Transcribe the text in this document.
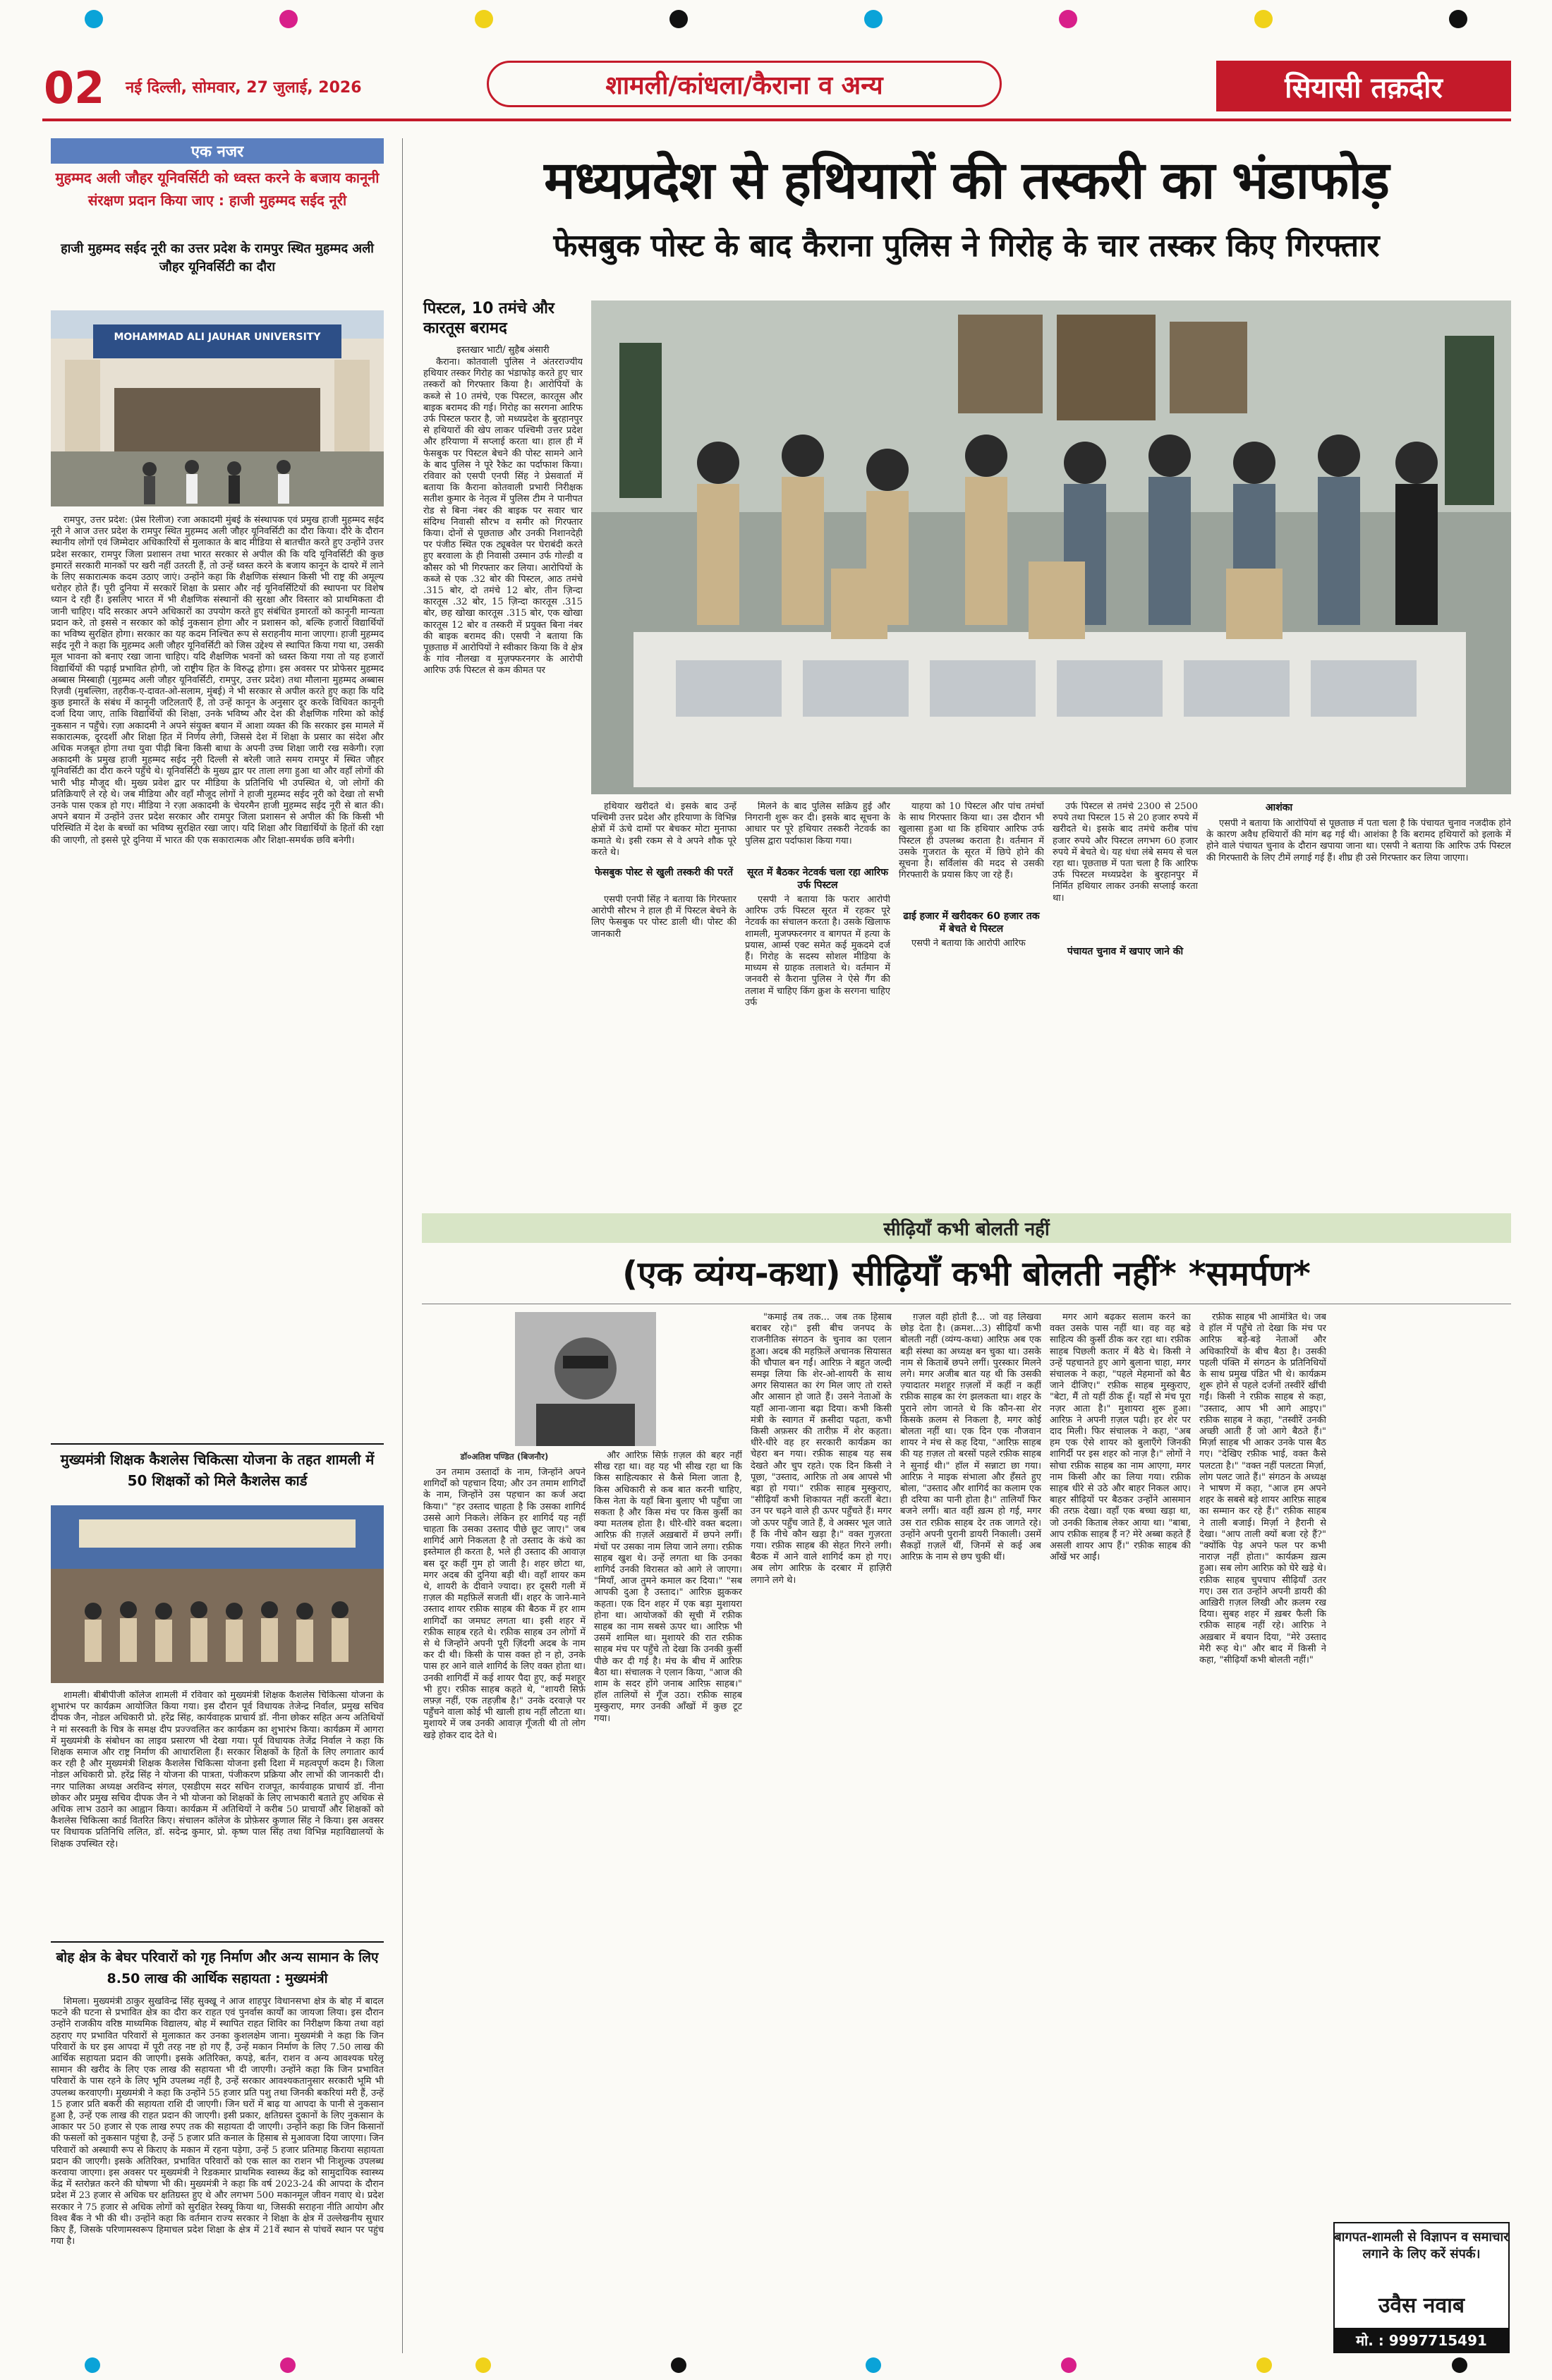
02 नई दिल्ली, सोमवार, 27 जुलाई, 2026	शामली/कांधला/कैराना व अन्य	सियासी तक़दीर
एक नजर
मुहम्मद अली जौहर यूनिवर्सिटी को ध्वस्त करने के बजाय कानूनी संरक्षण प्रदान किया जाए : हाजी मुहम्मद सईद नूरी
हाजी मुहम्मद सईद नूरी का उत्तर प्रदेश के रामपुर स्थित मुहम्मद अली जौहर यूनिवर्सिटी का दौरा
MOHAMMAD ALI JAUHAR UNIVERSITY

रामपुर, उत्तर प्रदेश: (प्रेस रिलीज) रजा अकादमी मुंबई के संस्थापक एवं प्रमुख हाजी मुहम्मद सईद नूरी ने आज उत्तर प्रदेश के रामपुर स्थित मुहम्मद अली जौहर यूनिवर्सिटी का दौरा किया। दौरे के दौरान स्थानीय लोगों एवं जिम्मेदार अधिकारियों से मुलाकात के बाद मीडिया से बातचीत करते हुए उन्होंने उत्तर प्रदेश सरकार, रामपुर जिला प्रशासन तथा भारत सरकार से अपील की कि यदि यूनिवर्सिटी की कुछ इमारतें सरकारी मानकों पर खरी नहीं उतरती हैं, तो उन्हें ध्वस्त करने के बजाय कानून के दायरे में लाने के लिए सकारात्मक कदम उठाए जाएं। उन्होंने कहा कि शैक्षणिक संस्थान किसी भी राष्ट्र की अमूल्य धरोहर होते हैं। पूरी दुनिया में सरकारें शिक्षा के प्रसार और नई यूनिवर्सिटियों की स्थापना पर विशेष ध्यान दे रही हैं। इसलिए भारत में भी शैक्षणिक संस्थानों की सुरक्षा और विस्तार को प्राथमिकता दी जानी चाहिए। यदि सरकार अपने अधिकारों का उपयोग करते हुए संबंधित इमारतों को कानूनी मान्यता प्रदान करे, तो इससे न सरकार को कोई नुकसान होगा और न प्रशासन को, बल्कि हजारों विद्यार्थियों का भविष्य सुरक्षित होगा। सरकार का यह कदम निश्चित रूप से सराहनीय माना जाएगा। हाजी मुहम्मद सईद नूरी ने कहा कि मुहम्मद अली जौहर यूनिवर्सिटी को जिस उद्देश्य से स्थापित किया गया था, उसकी मूल भावना को बनाए रखा जाना चाहिए। यदि शैक्षणिक भवनों को ध्वस्त किया गया तो यह हजारों विद्यार्थियों की पढ़ाई प्रभावित होगी, जो राष्ट्रीय हित के विरुद्ध होगा। इस अवसर पर प्रोफेसर मुहम्मद अब्बास मिस्बाही (मुहम्मद अली जौहर यूनिवर्सिटी, रामपुर, उत्तर प्रदेश) तथा मौलाना मुहम्मद अब्बास रिज़वी (मुबल्लिग़, तहरीक-ए-दावत-ओ-सलाम, मुंबई) ने भी सरकार से अपील करते हुए कहा कि यदि कुछ इमारतें के संबंध में कानूनी जटिलताएँ हैं, तो उन्हें कानून के अनुसार दूर करके विधिवत कानूनी दर्जा दिया जाए, ताकि विद्यार्थियों की शिक्षा, उनके भविष्य और देश की शैक्षणिक गरिमा को कोई नुकसान न पहुँचे। रज़ा अकादमी ने अपने संयुक्त बयान में आशा व्यक्त की कि सरकार इस मामले में सकारात्मक, दूरदर्शी और शिक्षा हित में निर्णय लेगी, जिससे देश में शिक्षा के प्रसार का संदेश और अधिक मजबूत होगा तथा युवा पीढ़ी बिना किसी बाधा के अपनी उच्च शिक्षा जारी रख सकेगी। रज़ा अकादमी के प्रमुख हाजी मुहम्मद सईद नूरी दिल्ली से बरेली जाते समय रामपुर में स्थित जौहर यूनिवर्सिटी का दौरा करने पहुँचे थे। यूनिवर्सिटी के मुख्य द्वार पर ताला लगा हुआ था और वहाँ लोगों की भारी भीड़ मौजूद थी। मुख्य प्रवेश द्वार पर मीडिया के प्रतिनिधि भी उपस्थित थे, जो लोगों की प्रतिक्रियाएँ ले रहे थे। जब मीडिया और वहाँ मौजूद लोगों ने हाजी मुहम्मद सईद नूरी को देखा तो सभी उनके पास एकत्र हो गए। मीडिया ने रज़ा अकादमी के चेयरमैन हाजी मुहम्मद सईद नूरी से बात की। अपने बयान में उन्होंने उत्तर प्रदेश सरकार और रामपुर जिला प्रशासन से अपील की कि किसी भी परिस्थिति में देश के बच्चों का भविष्य सुरक्षित रखा जाए। यदि शिक्षा और विद्यार्थियों के हितों की रक्षा की जाएगी, तो इससे पूरे दुनिया में भारत की एक सकारात्मक और शिक्षा-समर्थक छवि बनेगी।

मुख्यमंत्री शिक्षक कैशलेस चिकित्सा योजना के तहत शामली में 50 शिक्षकों को मिले कैशलेस कार्ड

शामली। बीबीपीजी कॉलेज शामली में रविवार को मुख्यमंत्री शिक्षक कैशलेस चिकित्सा योजना के शुभारंभ पर कार्यक्रम आयोजित किया गया। इस दौरान पूर्व विधायक तेजेन्द्र निर्वाल, प्रमुख सचिव दीपक जैन, नोडल अधिकारी प्रो. हरेंद्र सिंह, कार्यवाहक प्राचार्य डॉ. नीना छोकर सहित अन्य अतिथियों ने मां सरस्वती के चित्र के समक्ष दीप प्रज्ज्वलित कर कार्यक्रम का शुभारंभ किया। कार्यक्रम में आगरा में मुख्यमंत्री के संबोधन का लाइव प्रसारण भी देखा गया। पूर्व विधायक तेजेंद्र निर्वाल ने कहा कि शिक्षक समाज और राष्ट्र निर्माण की आधारशिला हैं। सरकार शिक्षकों के हितों के लिए लगातार कार्य कर रही है और मुख्यमंत्री शिक्षक कैशलेस चिकित्सा योजना इसी दिशा में महत्वपूर्ण कदम है। जिला नोडल अधिकारी प्रो. हरेंद्र सिंह ने योजना की पात्रता, पंजीकरण प्रक्रिया और लाभों की जानकारी दी। नगर पालिका अध्यक्ष अरविन्द संगल, एसडीएम सदर सचिन राजपूत, कार्यवाहक प्राचार्य डॉ. नीना छोकर और प्रमुख सचिव दीपक जैन ने भी योजना को शिक्षकों के लिए लाभकारी बताते हुए अधिक से अधिक लाभ उठाने का आह्वान किया। कार्यक्रम में अतिथियों ने करीब 50 प्राचार्यों और शिक्षकों को कैशलेस चिकित्सा कार्ड वितरित किए। संचालन कॉलेज के प्रोफ़ेसर कुणाल सिंह ने किया। इस अवसर पर विधायक प्रतिनिधि ललित, डॉ. सदेन्द्र कुमार, प्रो. कृष्ण पाल सिंह तथा विभिन्न महाविद्यालयों के शिक्षक उपस्थित रहे।

बोह क्षेत्र के बेघर परिवारों को गृह निर्माण और अन्य सामान के लिए 8.50 लाख की आर्थिक सहायता : मुख्यमंत्री

शिमला। मुख्यमंत्री ठाकुर सुखविन्द्र सिंह सुक्खू ने आज शाहपुर विधानसभा क्षेत्र के बोह में बादल फटने की घटना से प्रभावित क्षेत्र का दौरा कर राहत एवं पुनर्वास कार्यों का जायजा लिया। इस दौरान उन्होंने राजकीय वरिष्ठ माध्यमिक विद्यालय, बोह में स्थापित राहत शिविर का निरीक्षण किया तथा वहां ठहराए गए प्रभावित परिवारों से मुलाकात कर उनका कुशलक्षेम जाना। मुख्यमंत्री ने कहा कि जिन परिवारों के घर इस आपदा में पूरी तरह नष्ट हो गए हैं, उन्हें मकान निर्माण के लिए 7.50 लाख की आर्थिक सहायता प्रदान की जाएगी। इसके अतिरिक्त, कपड़े, बर्तन, राशन व अन्य आवश्यक घरेलू सामान की खरीद के लिए एक लाख की सहायता भी दी जाएगी। उन्होंने कहा कि जिन प्रभावित परिवारों के पास रहने के लिए भूमि उपलब्ध नहीं है, उन्हें सरकार आवश्यकतानुसार सरकारी भूमि भी उपलब्ध करवाएगी। मुख्यमंत्री ने कहा कि उन्होंने 55 हजार प्रति पशु तथा जिनकी बकरियां मरी हैं, उन्हें 15 हजार प्रति बकरी की सहायता राशि दी जाएगी। जिन घरों में बाढ़ या आपदा के पानी से नुकसान हुआ है, उन्हें एक लाख की राहत प्रदान की जाएगी। इसी प्रकार, क्षतिग्रस्त दुकानों के लिए नुकसान के आकार पर 50 हजार से एक लाख रुपए तक की सहायता दी जाएगी। उन्होंने कहा कि जिन किसानों की फसलों को नुकसान पहुंचा है, उन्हें 5 हजार प्रति कनाल के हिसाब से मुआवजा दिया जाएगा। जिन परिवारों को अस्थायी रूप से किराए के मकान में रहना पड़ेगा, उन्हें 5 हजार प्रतिमाह किराया सहायता प्रदान की जाएगी। इसके अतिरिक्त, प्रभावित परिवारों को एक साल का राशन भी निःशुल्क उपलब्ध करवाया जाएगा। इस अवसर पर मुख्यमंत्री ने रिडकमार प्राथमिक स्वास्थ्य केंद्र को सामुदायिक स्वास्थ्य केंद्र में स्तरोन्नत करने की घोषणा भी की। मुख्यमंत्री ने कहा कि वर्ष 2023-24 की आपदा के दौरान प्रदेश में 23 हजार से अधिक घर क्षतिग्रस्त हुए थे और लगभग 500 मकानमूल जीवन गवाए थे। प्रदेश सरकार ने 75 हजार से अधिक लोगों को सुरक्षित रेस्क्यू किया था, जिसकी सराहना नीति आयोग और विश्व बैंक ने भी की थी। उन्होंने कहा कि वर्तमान राज्य सरकार ने शिक्षा के क्षेत्र में उल्लेखनीय सुधार किए हैं, जिसके परिणामस्वरूप हिमाचल प्रदेश शिक्षा के क्षेत्र में 21वें स्थान से पांचवें स्थान पर पहुंच गया है।

मध्यप्रदेश से हथियारों की तस्करी का भंडाफोड़
फेसबुक पोस्ट के बाद कैराना पुलिस ने गिरोह के चार तस्कर किए गिरफ्तार
पिस्टल, 10 तमंचे और कारतूस बरामद
इस्तखार भाटी/ सुहैब अंसारी

कैराना। कोतवाली पुलिस ने अंतरराज्यीय हथियार तस्कर गिरोह का भंडाफोड़ करते हुए चार तस्करों को गिरफ्तार किया है। आरोपियों के कब्जे से 10 तमंचे, एक पिस्टल, कारतूस और बाइक बरामद की गई। गिरोह का सरगना आरिफ उर्फ पिस्टल फरार है, जो मध्यप्रदेश के बुरहानपुर से हथियारों की खेप लाकर पश्चिमी उत्तर प्रदेश और हरियाणा में सप्लाई करता था। हाल ही में फेसबुक पर पिस्टल बेचने की पोस्ट सामने आने के बाद पुलिस ने पूरे रैकेट का पर्दाफाश किया। रविवार को एसपी एनपी सिंह ने प्रेसवार्ता में बताया कि कैराना कोतवाली प्रभारी निरीक्षक सतीश कुमार के नेतृत्व में पुलिस टीम ने पानीपत रोड से बिना नंबर की बाइक पर सवार चार संदिग्ध निवासी सौरभ व समीर को गिरफ्तार किया। दोनों से पूछताछ और उनकी निशानदेही पर पंजीठ स्थित एक ट्यूबवेल पर घेराबंदी करते हुए बरवाला के ही निवासी उस्मान उर्फ गोल्डी व कौसर को भी गिरफ्तार कर लिया। आरोपियों के कब्जे से एक .32 बोर की पिस्टल, आठ तमंचे .315 बोर, दो तमंचे 12 बोर, तीन ज़िन्दा कारतूस .32 बोर, 15 ज़िन्दा कारतूस .315 बोर, छह खोखा कारतूस .315 बोर, एक खोखा कारतूस 12 बोर व तस्करी में प्रयुक्त बिना नंबर की बाइक बरामद की। एसपी ने बताया कि पूछताछ में आरोपियों ने स्वीकार किया कि वे क्षेत्र के गांव नौलखा व मुज़फ्फरनगर के आरोपी आरिफ उर्फ पिस्टल से कम कीमत पर

हथियार खरीदते थे। इसके बाद उन्हें पश्चिमी उत्तर प्रदेश और हरियाणा के विभिन्न क्षेत्रों में ऊंचे दामों पर बेचकर मोटा मुनाफा कमाते थे। इसी रकम से वे अपने शौक पूरे करते थे।

फेसबुक पोस्ट से खुली तस्करी की परतें

एसपी एनपी सिंह ने बताया कि गिरफ्तार आरोपी सौरभ ने हाल ही में पिस्टल बेचने के लिए फेसबुक पर पोस्ट डाली थी। पोस्ट की जानकारी

मिलने के बाद पुलिस सक्रिय हुई और निगरानी शुरू कर दी। इसके बाद सूचना के आधार पर पूरे हथियार तस्करी नेटवर्क का पुलिस द्वारा पर्दाफाश किया गया।

सूरत में बैठकर नेटवर्क चला रहा आरिफ उर्फ पिस्टल

एसपी ने बताया कि फरार आरोपी आरिफ उर्फ पिस्टल सूरत में रहकर पूरे नेटवर्क का संचालन करता है। उसके खिलाफ शामली, मुजफ्फरनगर व बागपत में हत्या के प्रयास, आर्म्स एक्ट समेत कई मुकदमे दर्ज हैं। गिरोह के सदस्य सोशल मीडिया के माध्यम से ग्राहक तलाशते थे। वर्तमान में जनवरी से कैराना पुलिस ने ऐसे गैंग की तलाश में चाहिए किंग क्रुश के सरगना चाहिए उर्फ

याहया को 10 पिस्टल और पांच तमंचों के साथ गिरफ्तार किया था। उस दौरान भी खुलासा हुआ था कि हथियार आरिफ उर्फ पिस्टल ही उपलब्ध कराता है। वर्तमान में उसके गुजरात के सूरत में छिपे होने की सूचना है। सर्विलांस की मदद से उसकी गिरफ्तारी के प्रयास किए जा रहे हैं।

ढाई हजार में खरीदकर 60 हजार तक में बेचते थे पिस्टल

एसपी ने बताया कि आरोपी आरिफ

उर्फ पिस्टल से तमंचे 2300 से 2500 रुपये तथा पिस्टल 15 से 20 हजार रुपये में खरीदते थे। इसके बाद तमंचे करीब पांच हजार रुपये और पिस्टल लगभग 60 हजार रुपये में बेचते थे। यह धंधा लंबे समय से चल रहा था। पूछताछ में पता चला है कि आरिफ उर्फ पिस्टल मध्यप्रदेश के बुरहानपुर में निर्मित हथियार लाकर उनकी सप्लाई करता था।

पंचायत चुनाव में खपाए जाने की
आशंका

एसपी ने बताया कि आरोपियों से पूछताछ में पता चला है कि पंचायत चुनाव नजदीक होने के कारण अवैध हथियारों की मांग बढ़ गई थी। आशंका है कि बरामद हथियारों को इलाके में होने वाले पंचायत चुनाव के दौरान खपाया जाना था। एसपी ने बताया कि आरिफ उर्फ पिस्टल की गिरफ्तारी के लिए टीमें लगाई गई हैं। शीघ्र ही उसे गिरफ्तार कर लिया जाएगा।

सीढ़ियाँ कभी बोलती नहीं
(एक व्यंग्य-कथा) सीढ़ियाँ कभी बोलती नहीं* *समर्पण*
डॉ०अतिश पण्डित (बिजनौर)

उन तमाम उस्तादों के नाम, जिन्होंने अपने शागिर्दों को पहचान दिया; और उन तमाम शागिर्दों के नाम, जिन्होंने उस पहचान का कर्ज अदा किया।" "हर उस्ताद चाहता है कि उसका शागिर्द उससे आगे निकले। लेकिन हर शागिर्द यह नहीं चाहता कि उसका उस्ताद पीछे छूट जाए।" जब शागिर्द आगे निकलता है तो उस्ताद के कंधे का इस्तेमाल ही करता है, भले ही उस्ताद की आवाज़ बस दूर कहीं गुम हो जाती है। शहर छोटा था, मगर अदब की दुनिया बड़ी थी। वहाँ शायर कम थे, शायरी के दीवाने ज्यादा। हर दूसरी गली में ग़ज़ल की महफ़िलें सजती थीं। शहर के जाने-माने उस्ताद शायर रफ़ीक साहब की बैठक में हर शाम शागिर्दों का जमघट लगता था। इसी शहर में रफ़ीक साहब रहते थे। रफ़ीक साहब उन लोगों में से थे जिन्होंने अपनी पूरी ज़िंदगी अदब के नाम कर दी थी। किसी के पास वक्त हो न हो, उनके पास हर आने वाले शागिर्द के लिए वक्त होता था। उनकी शागिर्दी में कई शायर पैदा हुए, कई मशहूर भी हुए। रफ़ीक साहब कहते थे, "शायरी सिर्फ़ लफ़्ज़ नहीं, एक तहज़ीब है।" उनके दरवाज़े पर पहुँचने वाला कोई भी खाली हाथ नहीं लौटता था। मुशायरे में जब उनकी आवाज़ गूँजती थी तो लोग खड़े होकर दाद देते थे।

और आरिफ़ सिर्फ़ ग़ज़ल की बहर नहीं सीख रहा था। वह यह भी सीख रहा था कि किस साहित्यकार से कैसे मिला जाता है, किस अधिकारी से कब बात करनी चाहिए, किस नेता के यहाँ बिना बुलाए भी पहुँचा जा सकता है और किस मंच पर किस कुर्सी का क्या मतलब होता है। धीरे-धीरे वक्त बदला। आरिफ़ की ग़ज़लें अख़बारों में छपने लगीं। मंचों पर उसका नाम लिया जाने लगा। रफ़ीक साहब खुश थे। उन्हें लगता था कि उनका शागिर्द उनकी विरासत को आगे ले जाएगा। "मियाँ, आज तुमने कमाल कर दिया।" "सब आपकी दुआ है उस्ताद।" आरिफ़ झुककर कहता। एक दिन शहर में एक बड़ा मुशायरा होना था। आयोजकों की सूची में रफ़ीक साहब का नाम सबसे ऊपर था। आरिफ़ भी उसमें शामिल था। मुशायरे की रात रफ़ीक साहब मंच पर पहुँचे तो देखा कि उनकी कुर्सी पीछे कर दी गई है। मंच के बीच में आरिफ़ बैठा था। संचालक ने एलान किया, "आज की शाम के सदर होंगे जनाब आरिफ़ साहब।" हॉल तालियों से गूँज उठा। रफ़ीक साहब मुस्कुराए, मगर उनकी आँखों में कुछ टूट गया।

"कमाई तब तक... जब तक हिसाब बराबर रहे।" इसी बीच जनपद के राजनीतिक संगठन के चुनाव का एलान हुआ। अदब की महफ़िलें अचानक सियासत की चौपाल बन गईं। आरिफ़ ने बहुत जल्दी समझ लिया कि शेर-ओ-शायरी के साथ अगर सियासत का रंग मिल जाए तो रास्ते और आसान हो जाते हैं। उसने नेताओं के यहाँ आना-जाना बढ़ा दिया। कभी किसी मंत्री के स्वागत में क़सीदा पढ़ता, कभी किसी अफ़सर की तारीफ़ में शेर कहता। धीरे-धीरे वह हर सरकारी कार्यक्रम का चेहरा बन गया। रफ़ीक साहब यह सब देखते और चुप रहते। एक दिन किसी ने पूछा, "उस्ताद, आरिफ़ तो अब आपसे भी बड़ा हो गया।" रफ़ीक साहब मुस्कुराए, "सीढ़ियाँ कभी शिकायत नहीं करतीं बेटा। उन पर चढ़ने वाले ही ऊपर पहुँचते हैं। मगर जो ऊपर पहुँच जाते हैं, वे अक्सर भूल जाते हैं कि नीचे कौन खड़ा है।" वक्त गुज़रता गया। रफ़ीक साहब की सेहत गिरने लगी। बैठक में आने वाले शागिर्द कम हो गए। अब लोग आरिफ़ के दरबार में हाज़िरी लगाने लगे थे।

ग़ज़ल वही होती है... जो वह लिखवा छोड़ देता है। (क्रमश...3) सीढ़ियाँ कभी बोलती नहीं (व्यंग्य-कथा) आरिफ़ अब एक बड़ी संस्था का अध्यक्ष बन चुका था। उसके नाम से किताबें छपने लगीं। पुरस्कार मिलने लगे। मगर अजीब बात यह थी कि उसकी ज़्यादातर मशहूर ग़ज़लों में कहीं न कहीं रफ़ीक साहब का रंग झलकता था। शहर के पुराने लोग जानते थे कि कौन-सा शेर किसके क़लम से निकला है, मगर कोई बोलता नहीं था। एक दिन एक नौजवान शायर ने मंच से कह दिया, "आरिफ़ साहब की यह ग़ज़ल तो बरसों पहले रफ़ीक साहब ने सुनाई थी।" हॉल में सन्नाटा छा गया। आरिफ़ ने माइक संभाला और हँसते हुए बोला, "उस्ताद और शागिर्द का कलाम एक ही दरिया का पानी होता है।" तालियाँ फिर बजने लगीं। बात वहीं ख़त्म हो गई, मगर उस रात रफ़ीक साहब देर तक जागते रहे। उन्होंने अपनी पुरानी डायरी निकाली। उसमें सैकड़ों ग़ज़लें थीं, जिनमें से कई अब आरिफ़ के नाम से छप चुकी थीं।

मगर आगे बढ़कर सलाम करने का वक्त उसके पास नहीं था। वह वह बड़े साहित्य की कुर्सी ठीक कर रहा था। रफ़ीक साहब पिछली कतार में बैठे थे। किसी ने उन्हें पहचानते हुए आगे बुलाना चाहा, मगर संचालक ने कहा, "पहले मेहमानों को बैठ जाने दीजिए।" रफ़ीक साहब मुस्कुराए, "बेटा, मैं तो यहीं ठीक हूँ। यहाँ से मंच पूरा नज़र आता है।" मुशायरा शुरू हुआ। आरिफ़ ने अपनी ग़ज़ल पढ़ी। हर शेर पर दाद मिली। फिर संचालक ने कहा, "अब हम एक ऐसे शायर को बुलाएँगे जिनकी शागिर्दी पर इस शहर को नाज़ है।" लोगों ने सोचा रफ़ीक साहब का नाम आएगा, मगर नाम किसी और का लिया गया। रफ़ीक साहब धीरे से उठे और बाहर निकल आए। बाहर सीढ़ियों पर बैठकर उन्होंने आसमान की तरफ़ देखा। वहाँ एक बच्चा खड़ा था, जो उनकी किताब लेकर आया था। "बाबा, आप रफ़ीक साहब हैं न? मेरे अब्बा कहते हैं असली शायर आप हैं।" रफ़ीक साहब की आँखें भर आईं।

रफ़ीक साहब भी आमंत्रित थे। जब वे हॉल में पहुँचे तो देखा कि मंच पर आरिफ़ बड़े-बड़े नेताओं और अधिकारियों के बीच बैठा है। उसकी पहली पंक्ति में संगठन के प्रतिनिधियों के साथ प्रमुख पंडित भी थे। कार्यक्रम शुरू होने से पहले दर्जनों तस्वीरें खींची गईं। किसी ने रफ़ीक साहब से कहा, "उस्ताद, आप भी आगे आइए।" रफ़ीक साहब ने कहा, "तस्वीरें उनकी अच्छी आती हैं जो आगे बैठते हैं।" मिर्ज़ा साहब भी आकर उनके पास बैठ गए। "देखिए रफ़ीक भाई, वक्त कैसे पलटता है।" "वक्त नहीं पलटता मिर्ज़ा, लोग पलट जाते हैं।" संगठन के अध्यक्ष ने भाषण में कहा, "आज हम अपने शहर के सबसे बड़े शायर आरिफ़ साहब का सम्मान कर रहे हैं।" रफ़ीक साहब ने ताली बजाई। मिर्ज़ा ने हैरानी से देखा। "आप ताली क्यों बजा रहे हैं?" "क्योंकि पेड़ अपने फल पर कभी नाराज़ नहीं होता।" कार्यक्रम ख़त्म हुआ। सब लोग आरिफ़ को घेरे खड़े थे। रफ़ीक साहब चुपचाप सीढ़ियाँ उतर गए। उस रात उन्होंने अपनी डायरी की आख़िरी ग़ज़ल लिखी और क़लम रख दिया। सुबह शहर में ख़बर फैली कि रफ़ीक साहब नहीं रहे। आरिफ़ ने अख़बार में बयान दिया, "मेरे उस्ताद मेरी रूह थे।" और बाद में किसी ने कहा, "सीढ़ियाँ कभी बोलती नहीं।"

बागपत-शामली से विज्ञापन व समाचार लगाने के लिए करें संपर्क।
उवैस नवाब
मो. : 9997715491
